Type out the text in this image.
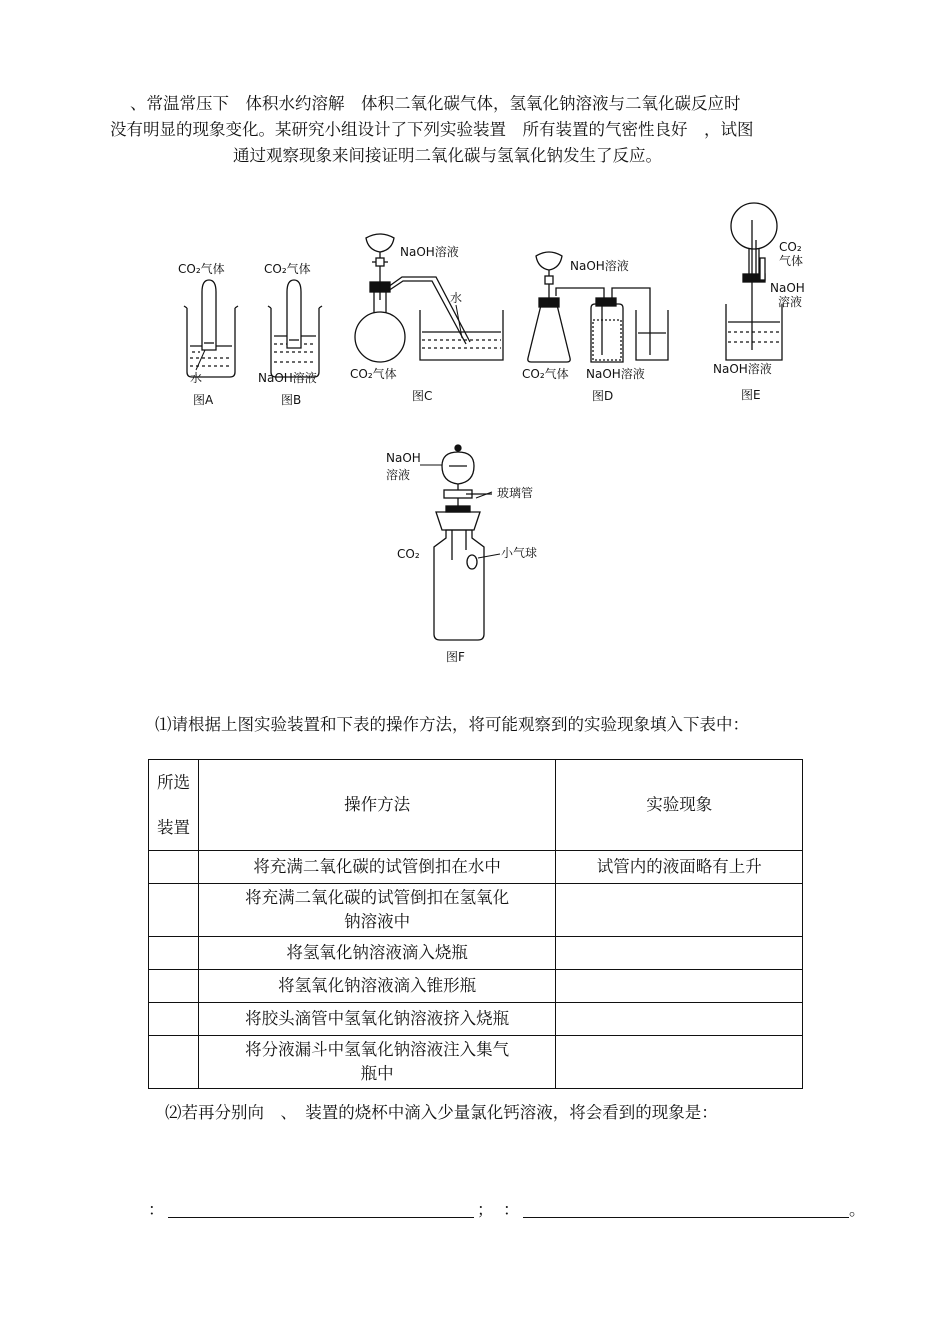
、常温常压下　体积水约溶解　体积二氧化碳气体，氢氧化钠溶液与二氧化碳反应时
没有明显的现象变化。某研究小组设计了下列实验装置　所有装置的气密性良好　，试图
通过观察现象来间接证明二氧化碳与氢氧化钠发生了反应。
CO₂气体
水
图A
CO₂气体
NaOH溶液
图B
NaOH溶液
水
CO₂气体
图C
NaOH溶液
CO₂气体 NaOH溶液
图D
CO₂
气体
NaOH
溶液
NaOH溶液
图E
NaOH
溶液
玻璃管
CO₂	小气球
图F
⑴请根据上图实验装置和下表的操作方法，将可能观察到的实验现象填入下表中：
所选
装置	操作方法	实验现象
	将充满二氧化碳的试管倒扣在水中	试管内的液面略有上升
	将充满二氧化碳的试管倒扣在氢氧化钠溶液中	
	将氢氧化钠溶液滴入烧瓶	
	将氢氧化钠溶液滴入锥形瓶	
	将胶头滴管中氢氧化钠溶液挤入烧瓶	
	将分液漏斗中氢氧化钠溶液注入集气瓶中	
⑵若再分别向　、　装置的烧杯中滴入少量氯化钙溶液，将会看到的现象是：
：	； ：	。
